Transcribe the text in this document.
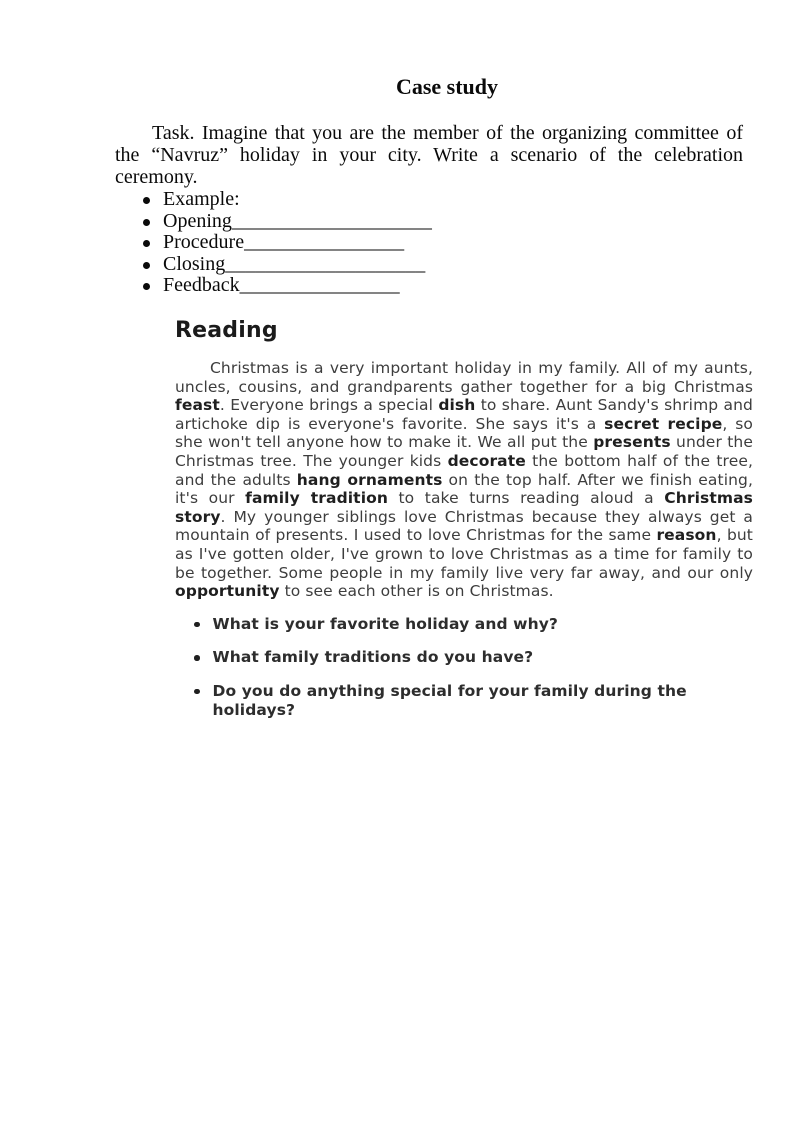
Case study

Task. Imagine that you are the member of the organizing committee of the “Navruz” holiday in your city. Write a scenario of the celebration ceremony.

Example:
Opening____________________
Procedure________________
Closing____________________
Feedback________________
Reading

Christmas is a very important holiday in my family. All of my aunts, uncles, cousins, and grandparents gather together for a big Christmas feast. Everyone brings a special dish to share. Aunt Sandy's shrimp and artichoke dip is everyone's favorite. She says it's a secret recipe, so she won't tell anyone how to make it. We all put the presents under the Christmas tree. The younger kids decorate the bottom half of the tree, and the adults hang ornaments on the top half. After we finish eating, it's our family tradition to take turns reading aloud a Christmas story. My younger siblings love Christmas because they always get a mountain of presents. I used to love Christmas for the same reason, but as I've gotten older, I've grown to love Christmas as a time for family to be together. Some people in my family live very far away, and our only opportunity to see each other is on Christmas.

What is your favorite holiday and why?
What family traditions do you have?
Do you do anything special for your family during the holidays?
